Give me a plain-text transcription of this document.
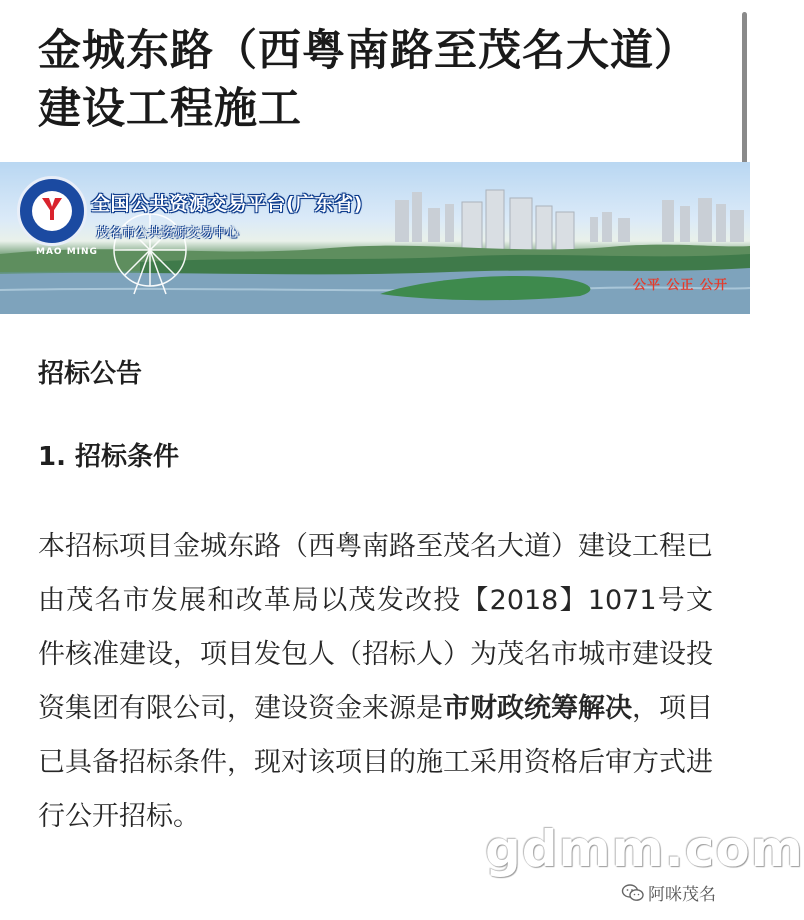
金城东路（西粤南路至茂名大道）建设工程施工
MAO MING
全国公共资源交易平台(广东省)
茂名市公共资源交易中心
公平 公正 公开
招标公告
1. 招标条件

本招标项目金城东路（西粤南路至茂名大道）建设工程已由茂名市发展和改革局以茂发改投【2018】1071号文件核准建设，项目发包人（招标人）为茂名市城市建设投资集团有限公司，建设资金来源是市财政统筹解决，项目已具备招标条件，现对该项目的施工采用资格后审方式进行公开招标。

gdmm.com
阿咪茂名
